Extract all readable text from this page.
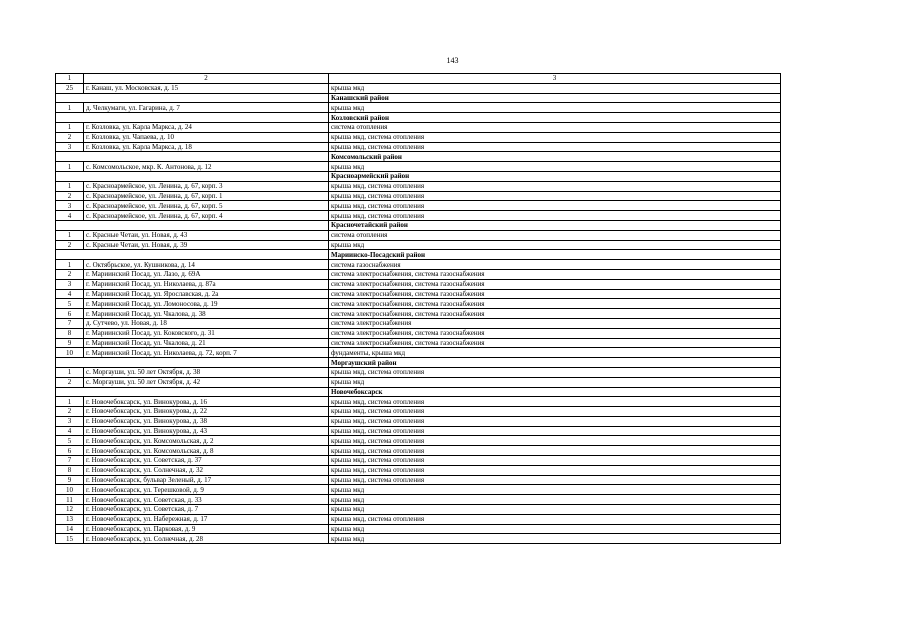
143
1	2	3
25	г. Канаш, ул. Московская, д. 15	крыша мкд
		Канашский район
1	д. Челкумаги, ул. Гагарина, д. 7	крыша мкд
		Козловский район
1	г. Козловка, ул. Карла Маркса, д. 24	система отопления
2	г. Козловка, ул. Чапаева, д. 10	крыша мкд, система отопления
3	г. Козловка, ул. Карла Маркса, д. 18	крыша мкд, система отопления
		Комсомольский район
1	с. Комсомольское, мкр. К. Антонова, д. 12	крыша мкд
		Красноармейский район
1	с. Красноармейское, ул. Ленина, д. 67, корп. 3	крыша мкд, система отопления
2	с. Красноармейское, ул. Ленина, д. 67, корп. 1	крыша мкд, система отопления
3	с. Красноармейское, ул. Ленина, д. 67, корп. 5	крыша мкд, система отопления
4	с. Красноармейское, ул. Ленина, д. 67, корп. 4	крыша мкд, система отопления
		Красночетайский район
1	с. Красные Четаи, ул. Новая, д. 43	система отопления
2	с. Красные Четаи, ул. Новая, д. 39	крыша мкд
		Мариинско-Посадский район
1	с. Октябрьское, ул. Кушникова, д. 14	система газоснабжения
2	г. Мариинский Посад, ул. Лазо, д. 69А	система электроснабжения, система газоснабжения
3	г. Мариинский Посад, ул. Николаева, д. 87а	система электроснабжения, система газоснабжения
4	г. Мариинский Посад, ул. Ярославская, д. 2а	система электроснабжения, система газоснабжения
5	г. Мариинский Посад, ул. Ломоносова, д. 19	система электроснабжения, система газоснабжения
6	г. Мариинский Посад, ул. Чкалова, д. 38	система электроснабжения, система газоснабжения
7	д. Сутчево, ул. Новая, д. 18	система электроснабжения
8	г. Мариинский Посад, ул. Коковского, д. 31	система электроснабжения, система газоснабжения
9	г. Мариинский Посад, ул. Чкалова, д. 21	система электроснабжения, система газоснабжения
10	г. Мариинский Посад, ул. Николаева, д. 72, корп. 7	фундаменты, крыша мкд
		Моргаушский район
1	с. Моргауши, ул. 50 лет Октября, д. 38	крыша мкд, система отопления
2	с. Моргауши, ул. 50 лет Октября, д. 42	крыша мкд
		Новочебоксарск
1	г. Новочебоксарск, ул. Винокурова, д. 16	крыша мкд, система отопления
2	г. Новочебоксарск, ул. Винокурова, д. 22	крыша мкд, система отопления
3	г. Новочебоксарск, ул. Винокурова, д. 38	крыша мкд, система отопления
4	г. Новочебоксарск, ул. Винокурова, д. 43	крыша мкд, система отопления
5	г. Новочебоксарск, ул. Комсомольская, д. 2	крыша мкд, система отопления
6	г. Новочебоксарск, ул. Комсомольская, д. 8	крыша мкд, система отопления
7	г. Новочебоксарск, ул. Советская, д. 37	крыша мкд, система отопления
8	г. Новочебоксарск, ул. Солнечная, д. 32	крыша мкд, система отопления
9	г. Новочебоксарск, бульвар Зеленый, д. 17	крыша мкд, система отопления
10	г. Новочебоксарск, ул. Терешковой, д. 9	крыша мкд
11	г. Новочебоксарск, ул. Советская, д. 33	крыша мкд
12	г. Новочебоксарск, ул. Советская, д. 7	крыша мкд
13	г. Новочебоксарск, ул. Набережная, д. 17	крыша мкд, система отопления
14	г. Новочебоксарск, ул. Парковая, д. 9	крыша мкд
15	г. Новочебоксарск, ул. Солнечная, д. 28	крыша мкд
